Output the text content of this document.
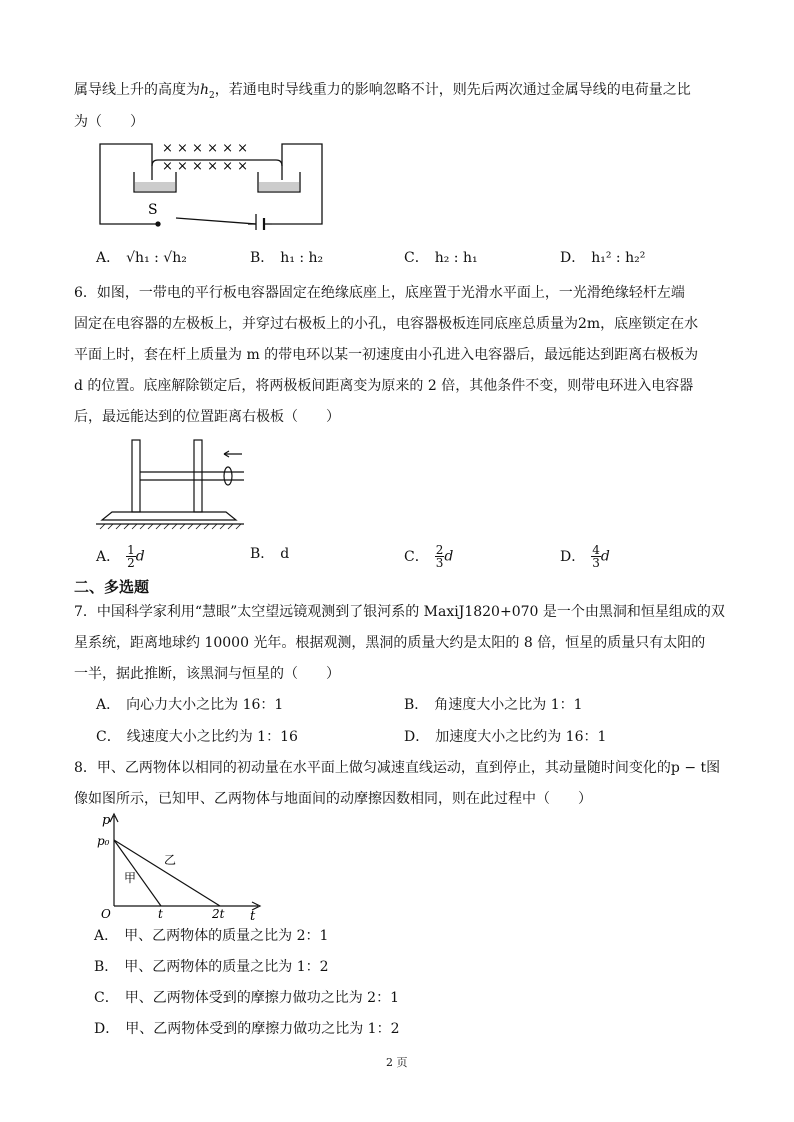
属导线上升的高度为$h_2$，若通电时导线重力的影响忽略不计，则先后两次通过金属导线的电荷量之比
为（　　）
× × × × × ×
× × × × × ×
S
A． √h₁ : √h₂	B． h₁ : h₂	C． h₂ : h₁	D． h₁² : h₂²
6．如图，一带电的平行板电容器固定在绝缘底座上，底座置于光滑水平面上，一光滑绝缘轻杆左端
固定在电容器的左极板上，并穿过右极板上的小孔，电容器极板连同底座总质量为2m，底座锁定在水
平面上时，套在杆上质量为 m 的带电环以某一初速度由小孔进入电容器后，最远能达到距离右极板为
d 的位置。底座解除锁定后，将两极板间距离变为原来的 2 倍，其他条件不变，则带电环进入电容器
后，最远能达到的位置距离右极板（　　）
A． $\frac{1}{2}$ d	B． d	C． $\frac{2}{3}$ d	D． $\frac{4}{3}$ d
二、多选题
7．中国科学家利用“慧眼”太空望远镜观测到了银河系的 MaxiJ1820+070 是一个由黑洞和恒星组成的双
星系统，距离地球约 10000 光年。根据观测，黑洞的质量大约是太阳的 8 倍，恒星的质量只有太阳的
一半，据此推断，该黑洞与恒星的（　　）
A． 向心力大小之比为 16：1	B． 角速度大小之比为 1：1
C． 线速度大小之比约为 1：16	D． 加速度大小之比约为 16：1
8．甲、乙两物体以相同的初动量在水平面上做匀减速直线运动，直到停止，其动量随时间变化的p − t图
像如图所示，已知甲、乙两物体与地面间的动摩擦因数相同，则在此过程中（　　）
p
p₀
O	t	2t t
甲
乙
A． 甲、乙两物体的质量之比为 2：1
B． 甲、乙两物体的质量之比为 1：2
C． 甲、乙两物体受到的摩擦力做功之比为 2：1
D． 甲、乙两物体受到的摩擦力做功之比为 1：2
2 页
